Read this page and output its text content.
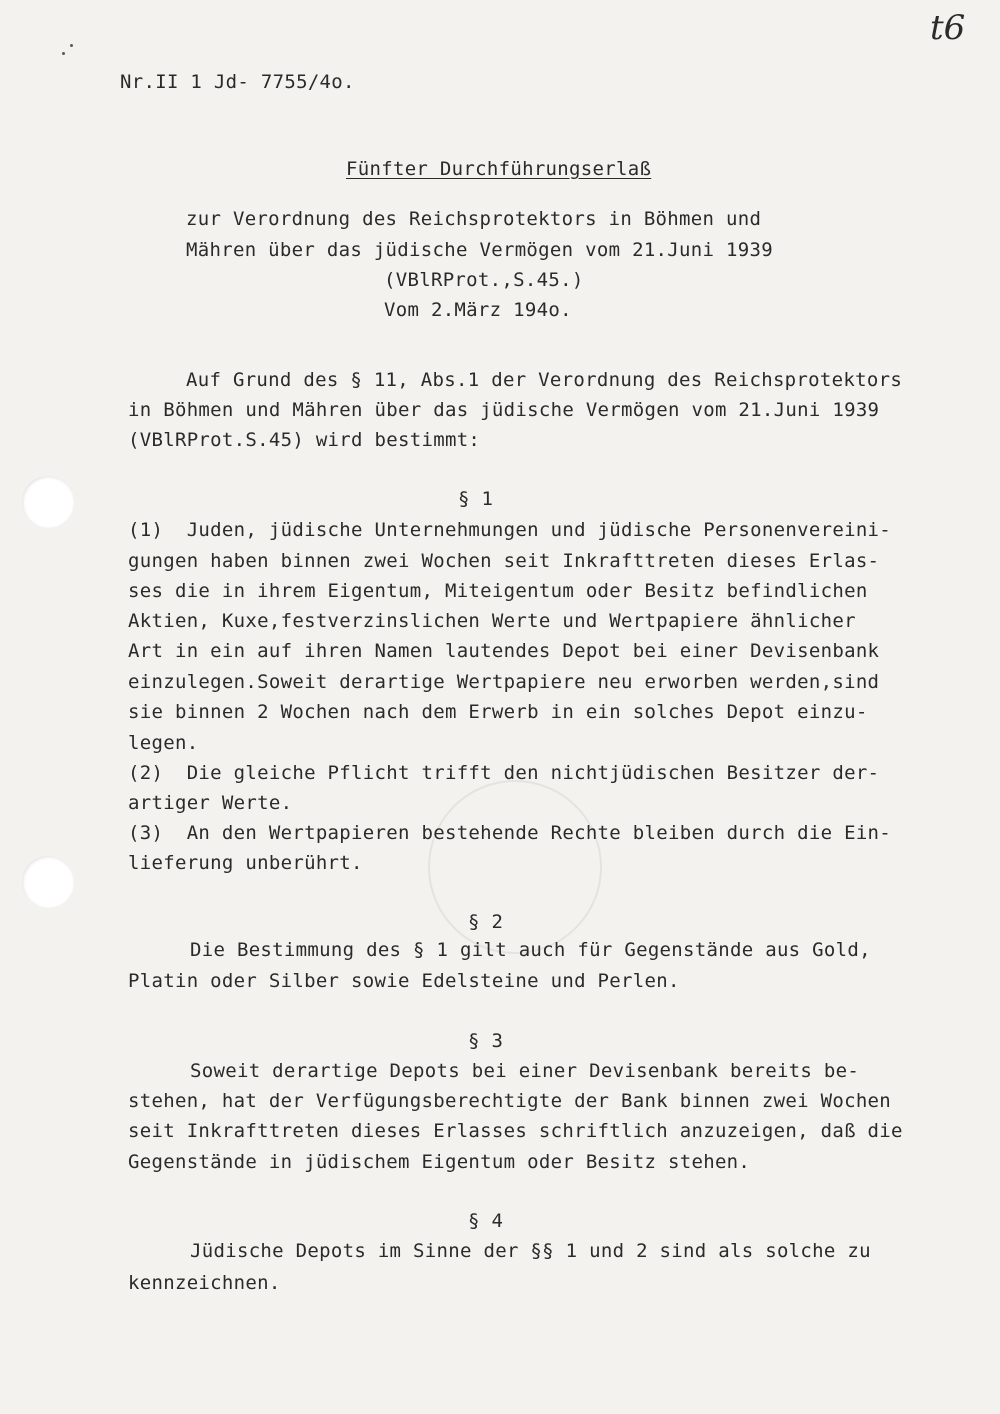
t6
Nr.II 1 Jd- 7755/4o.
Fünfter Durchführungserlaß
zur Verordnung des Reichsprotektors in Böhmen und
Mähren über das jüdische Vermögen vom 21.Juni 1939
(VBlRProt.,S.45.)
Vom 2.März 194o.
Auf Grund des § 11, Abs.1 der Verordnung des Reichsprotektors
in Böhmen und Mähren über das jüdische Vermögen vom 21.Juni 1939
(VBlRProt.S.45) wird bestimmt:
§ 1
(1)  Juden, jüdische Unternehmungen und jüdische Personenvereini-
gungen haben binnen zwei Wochen seit Inkrafttreten dieses Erlas-
ses die in ihrem Eigentum, Miteigentum oder Besitz befindlichen
Aktien, Kuxe,festverzinslichen Werte und Wertpapiere ähnlicher
Art in ein auf ihren Namen lautendes Depot bei einer Devisenbank
einzulegen.Soweit derartige Wertpapiere neu erworben werden,sind
sie binnen 2 Wochen nach dem Erwerb in ein solches Depot einzu-
legen.
(2)  Die gleiche Pflicht trifft den nichtjüdischen Besitzer der-
artiger Werte.
(3)  An den Wertpapieren bestehende Rechte bleiben durch die Ein-
lieferung unberührt.
§ 2
Die Bestimmung des § 1 gilt auch für Gegenstände aus Gold,
Platin oder Silber sowie Edelsteine und Perlen.
§ 3
Soweit derartige Depots bei einer Devisenbank bereits be-
stehen, hat der Verfügungsberechtigte der Bank binnen zwei Wochen
seit Inkrafttreten dieses Erlasses schriftlich anzuzeigen, daß die
Gegenstände in jüdischem Eigentum oder Besitz stehen.
§ 4
Jüdische Depots im Sinne der §§ 1 und 2 sind als solche zu
kennzeichnen.
